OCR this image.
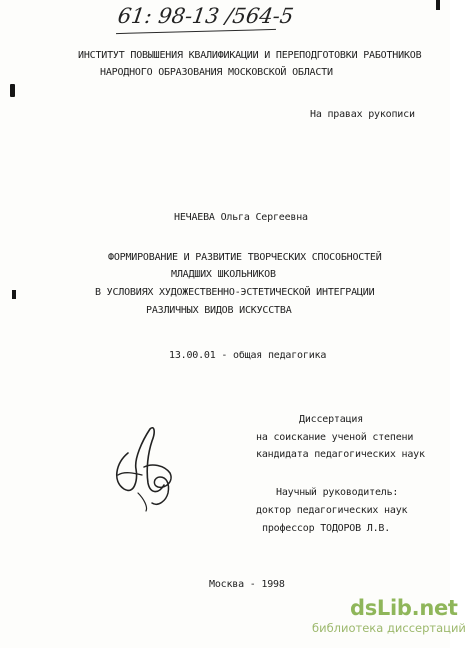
61: 98-13 /564-5
ИНСТИТУТ ПОВЫШЕНИЯ КВАЛИФИКАЦИИ И ПЕРЕПОДГОТОВКИ РАБОТНИКОВ
НАРОДНОГО ОБРАЗОВАНИЯ МОСКОВСКОЙ ОБЛАСТИ
На правах рукописи
НЕЧАЕВА Ольга Сергеевна
ФОРМИРОВАНИЕ И РАЗВИТИЕ ТВОРЧЕСКИХ СПОСОБНОСТЕЙ
МЛАДШИХ ШКОЛЬНИКОВ
В УСЛОВИЯХ ХУДОЖЕСТВЕННО-ЭСТЕТИЧЕСКОЙ ИНТЕГРАЦИИ
РАЗЛИЧНЫХ ВИДОВ ИСКУССТВА
13.00.01 - общая педагогика
Диссертация
на соискание ученой степени
кандидата педагогических наук
Научный руководитель:
доктор педагогических наук
профессор ТОДОРОВ Л.В.
Москва - 1998
dsLib.net
библиотека диссертаций
